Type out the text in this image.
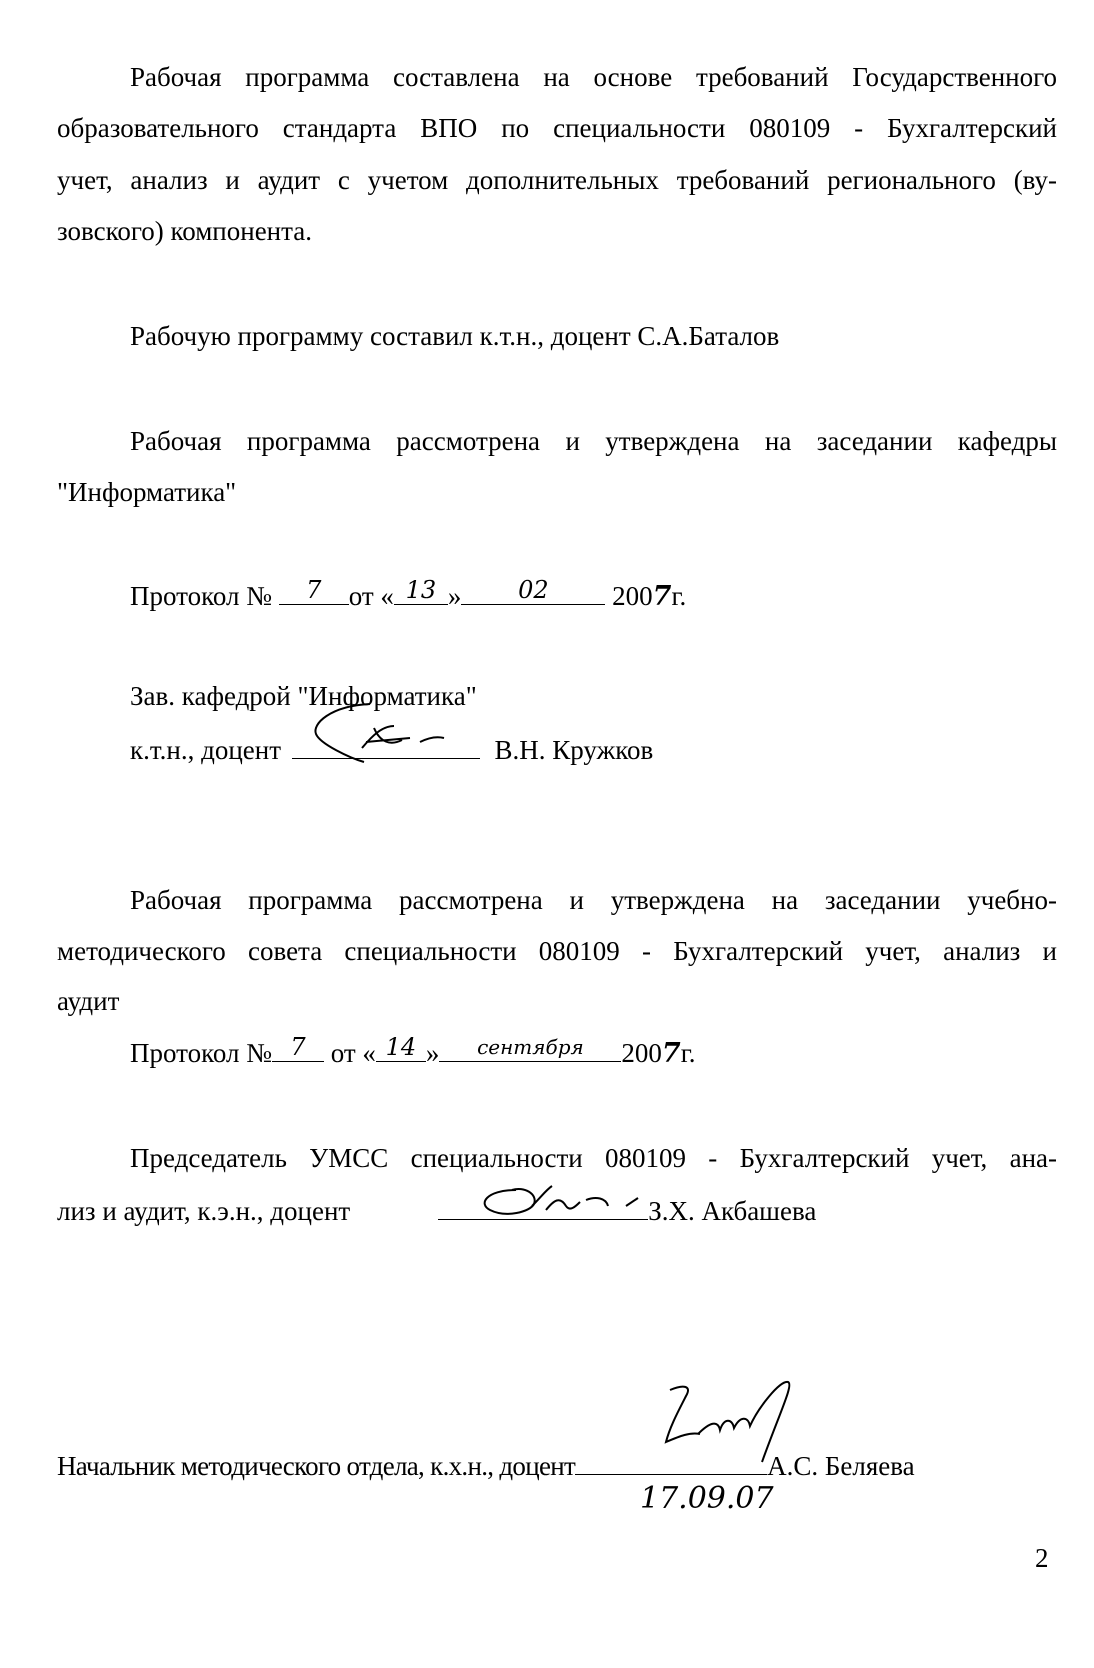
Рабочая программа составлена на основе требований Государственного
образовательного стандарта ВПО по специальности 080109 - Бухгалтерский
учет, анализ и аудит с учетом дополнительных требований регионального (ву-
зовского) компонента.
Рабочую программу составил к.т.н., доцент С.А.Баталов
Рабочая программа рассмотрена и утверждена на заседании кафедры
"Информатика"
Протокол №	7	от « 13 »	02	2007г.
Зав. кафедрой "Информатика"
к.т.н., доцент	В.Н. Кружков
Рабочая программа рассмотрена и утверждена на заседании учебно-
методического совета специальности 080109 - Бухгалтерский учет, анализ и
аудит
Протокол № 7 от « 14 »	сентября	2007г.
Председатель УМСС специальности 080109 - Бухгалтерский учет, ана-
лиз и аудит, к.э.н., доцент	З.Х. Акбашева
Начальник методического отдела, к.х.н., доцент	А.С. Беляева
17.09.07
2
